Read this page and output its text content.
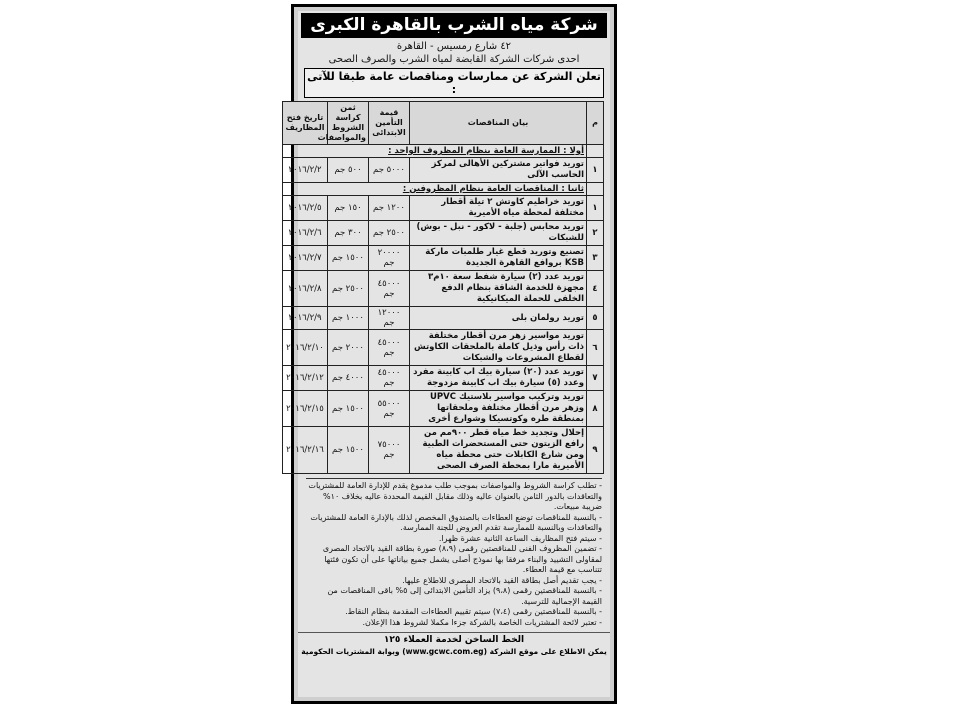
شركة مياه الشرب بالقاهرة الكبرى
٤٢ شارع رمسيس - القاهرة
احدى شركات الشركة القابضة لمياه الشرب والصرف الصحى
تعلن الشركة عن ممارسات ومناقصات عامة طبقا للآتى :
م	بيان المناقصات	قيمة التأمين الابتدائى	ثمن كراسة الشروط والمواصفات	تاريخ فتح المظاريف
	أولا : الممارسة العامة بنظام المظروف الواحد :			
١	توريد فواتير مشتركين الأهالى لمركز الحاسب الآلى	٥٠٠٠ جم	٥٠٠ جم	٢٠١٦/٢/٢
	ثانيا : المناقصات العامة بنظام المظروفين :			
١	توريد خراطيم كاوتش ٢ تيلة أقطار مختلفة لمحطة مياه الأميرية	١٢٠٠ جم	١٥٠ جم	٢٠١٦/٢/٥
٢	توريد محابس (جلبة - لاكور - نبل - بوش) للشبكات	٢٥٠٠ جم	٣٠٠ جم	٢٠١٦/٢/٦
٣	تصنيع وتوريد قطع غيار طلمبات ماركة KSB بروافع القاهرة الجديدة	٢٠٠٠٠ جم	١٥٠٠ جم	٢٠١٦/٢/٧
٤	توريد عدد (٢) سيارة شفط سعة ١٠م٣ مجهزة للخدمة الشاقة بنظام الدفع الخلفى للحملة الميكانيكية	٤٥٠٠٠ جم	٢٥٠٠ جم	٢٠١٦/٢/٨
٥	توريد رولمان بلى	١٢٠٠٠ جم	١٠٠٠ جم	٢٠١٦/٢/٩
٦	توريد مواسير زهر مرن أقطار مختلفة ذات رأس وذيل كاملة بالملحقات الكاوتش لقطاع المشروعات والشبكات	٤٥٠٠٠ جم	٢٠٠٠ جم	٢٠١٦/٢/١٠
٧	توريد عدد (٢٠) سيارة بيك اب كابينة مفرد وعدد (٥) سيارة بيك اب كابينة مزدوجة	٤٥٠٠٠ جم	٤٠٠٠ جم	٢٠١٦/٢/١٢
٨	توريد وتركيب مواسير بلاستيك UPVC وزهر مرن أقطار مختلفة وملحقاتها بمنطقة طره وكوتسيكا وشوارع أخرى	٥٥٠٠٠ جم	١٥٠٠ جم	٢٠١٦/٢/١٥
٩	إحلال وتجديد خط مياه قطر ٩٠٠مم من رافع الزيتون حتى المستحضرات الطبية ومن شارع الكابلات حتى محطة مياه الأميرية مارا بمحطة الصرف الصحى	٧٥٠٠٠ جم	١٥٠٠ جم	٢٠١٦/٢/١٦

- تطلب كراسة الشروط والمواصفات بموجب طلب مدموغ يقدم للإدارة العامة للمشتريات والتعاقدات بالدور الثامن بالعنوان عاليه وذلك مقابل القيمة المحددة عاليه بخلاف ١٠% ضريبة مبيعات.

- بالنسبة للمناقصات توضع العطاءات بالصندوق المخصص لذلك بالإدارة العامة للمشتريات والتعاقدات وبالنسبة للممارسة تقدم العروض للجنة الممارسة.

- سيتم فتح المظاريف الساعة الثانية عشرة ظهرا.

- تضمين المظروف الفنى للمناقصتين رقمى (٨،٩) صورة بطاقة القيد بالاتحاد المصرى لمقاولى التشييد والبناء مرفقا بها نموذج أصلى يشمل جميع بياناتها على أن تكون فئتها تتناسب مع قيمة العطاء.

- يجب تقديم أصل بطاقة القيد بالاتحاد المصرى للاطلاع عليها.

- بالنسبة للمناقصتين رقمى (٩،٨) يزاد التأمين الابتدائى إلى ٥% باقى المناقصات من القيمة الإجمالية للترسية.

- بالنسبة للمناقصتين رقمى (٧،٤) سيتم تقييم العطاءات المقدمة بنظام النقاط.

- تعتبر لائحة المشتريات الخاصة بالشركة جزءا مكملا لشروط هذا الإعلان.

الخط الساخن لخدمة العملاء ١٢٥
يمكن الاطلاع على موقع الشركة (www.gcwc.com.eg) وبوابة المشتريات الحكومية
